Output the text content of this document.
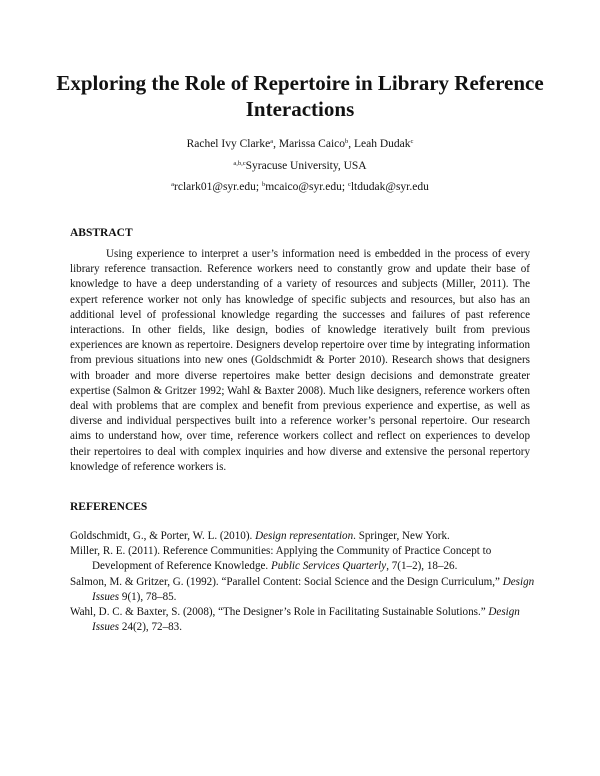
Exploring the Role of Repertoire in Library Reference Interactions
Rachel Ivy Clarke$^a$, Marissa Caico$^b$, Leah Dudak$^c$
$^{a,b,c}$Syracuse University, USA
$^a$rclark01@syr.edu; $^b$mcaico@syr.edu; $^c$ltdudak@syr.edu
ABSTRACT

Using experience to interpret a user’s information need is embedded in the process of every library reference transaction. Reference workers need to constantly grow and update their base of knowledge to have a deep understanding of a variety of resources and subjects (Miller, 2011). The expert reference worker not only has knowledge of specific subjects and resources, but also has an additional level of professional knowledge regarding the successes and failures of past reference interactions. In other fields, like design, bodies of knowledge iteratively built from previous experiences are known as repertoire. Designers develop repertoire over time by integrating information from previous situations into new ones (Goldschmidt & Porter 2010). Research shows that designers with broader and more diverse repertoires make better design decisions and demonstrate greater expertise (Salmon & Gritzer 1992; Wahl & Baxter 2008). Much like designers, reference workers often deal with problems that are complex and benefit from previous experience and expertise, as well as diverse and individual perspectives built into a reference worker’s personal repertoire. Our research aims to understand how, over time, reference workers collect and reflect on experiences to develop their repertoires to deal with complex inquiries and how diverse and extensive the personal repertory knowledge of reference workers is.

REFERENCES

Goldschmidt, G., & Porter, W. L. (2010). Design representation. Springer, New York.

Miller, R. E. (2011). Reference Communities: Applying the Community of Practice Concept to Development of Reference Knowledge. Public Services Quarterly, 7(1–2), 18–26.

Salmon, M. & Gritzer, G. (1992). “Parallel Content: Social Science and the Design Curriculum,” Design Issues 9(1), 78–85.

Wahl, D. C. & Baxter, S. (2008), “The Designer’s Role in Facilitating Sustainable Solutions.” Design Issues 24(2), 72–83.
